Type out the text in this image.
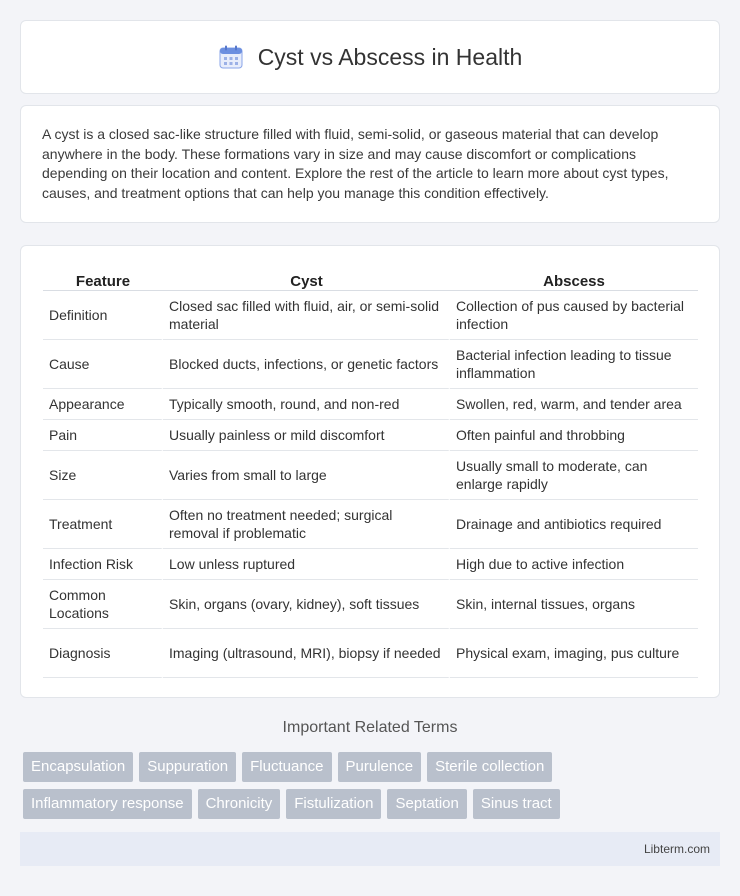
Cyst vs Abscess in Health

A cyst is a closed sac-like structure filled with fluid, semi-solid, or gaseous material that can develop anywhere in the body. These formations vary in size and may cause discomfort or complications depending on their location and content. Explore the rest of the article to learn more about cyst types, causes, and treatment options that can help you manage this condition effectively.

Feature	Cyst	Abscess
Definition	Closed sac filled with fluid, air, or semi-solid material	Collection of pus caused by bacterial infection
Cause	Blocked ducts, infections, or genetic factors	Bacterial infection leading to tissue inflammation
Appearance	Typically smooth, round, and non-red	Swollen, red, warm, and tender area
Pain	Usually painless or mild discomfort	Often painful and throbbing
Size	Varies from small to large	Usually small to moderate, can enlarge rapidly
Treatment	Often no treatment needed; surgical removal if problematic	Drainage and antibiotics required
Infection Risk	Low unless ruptured	High due to active infection
Common Locations	Skin, organs (ovary, kidney), soft tissues	Skin, internal tissues, organs
Diagnosis	Imaging (ultrasound, MRI), biopsy if needed	Physical exam, imaging, pus culture
Important Related Terms
Encapsulation	Suppuration	Fluctuance	Purulence	Sterile collection
Inflammatory response	Chronicity	Fistulization	Septation	Sinus tract
Libterm.com
